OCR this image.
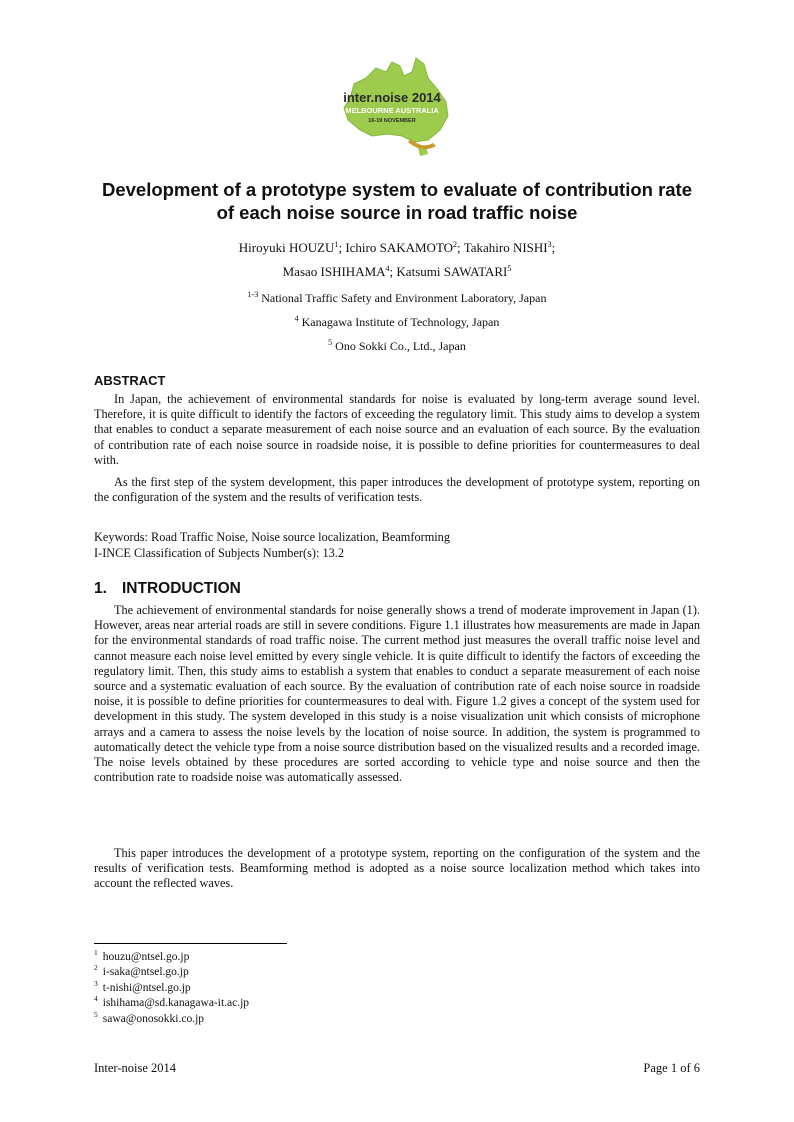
inter.noise 2014
MELBOURNE AUSTRALIA
16-19 NOVEMBER
Development of a prototype system to evaluate of contribution rate
of each noise source in road traffic noise
Hiroyuki HOUZU$^1$; Ichiro SAKAMOTO$^2$; Takahiro NISHI$^3$;
Masao ISHIHAMA$^4$; Katsumi SAWATARI$^5$
$^{1-3}$ National Traffic Safety and Environment Laboratory, Japan
$^4$ Kanagawa Institute of Technology, Japan
$^5$ Ono Sokki Co., Ltd., Japan
ABSTRACT

In Japan, the achievement of environmental standards for noise is evaluated by long-term average sound level. Therefore, it is quite difficult to identify the factors of exceeding the regulatory limit. This study aims to develop a system that enables to conduct a separate measurement of each noise source and an evaluation of each source. By the evaluation of contribution rate of each noise source in roadside noise, it is possible to define priorities for countermeasures to deal with.

As the first step of the system development, this paper introduces the development of prototype system, reporting on the configuration of the system and the results of verification tests.

Keywords: Road Traffic Noise, Noise source localization, Beamforming
I-INCE Classification of Subjects Number(s): 13.2
1. INTRODUCTION

The achievement of environmental standards for noise generally shows a trend of moderate improvement in Japan (1). However, areas near arterial roads are still in severe conditions. Figure 1.1 illustrates how measurements are made in Japan for the environmental standards of road traffic noise. The current method just measures the overall traffic noise level and cannot measure each noise level emitted by every single vehicle. It is quite difficult to identify the factors of exceeding the regulatory limit. Then, this study aims to establish a system that enables to conduct a separate measurement of each noise source and a systematic evaluation of each source. By the evaluation of contribution rate of each noise source in roadside noise, it is possible to define priorities for countermeasures to deal with. Figure 1.2 gives a concept of the system used for development in this study. The system developed in this study is a noise visualization unit which consists of microphone arrays and a camera to assess the noise levels by the location of noise source. In addition, the system is programmed to automatically detect the vehicle type from a noise source distribution based on the visualized results and a recorded image. The noise levels obtained by these procedures are sorted according to vehicle type and noise source and then the contribution rate to roadside noise was automatically assessed.

This paper introduces the development of a prototype system, reporting on the configuration of the system and the results of verification tests. Beamforming method is adopted as a noise source localization method which takes into account the reflected waves.

$^1$ houzu@ntsel.go.jp
$^2$ i-saka@ntsel.go.jp
$^3$ t-nishi@ntsel.go.jp
$^4$ ishihama@sd.kanagawa-it.ac.jp
$^5$ sawa@onosokki.co.jp
Inter-noise 2014	Page 1 of 6
